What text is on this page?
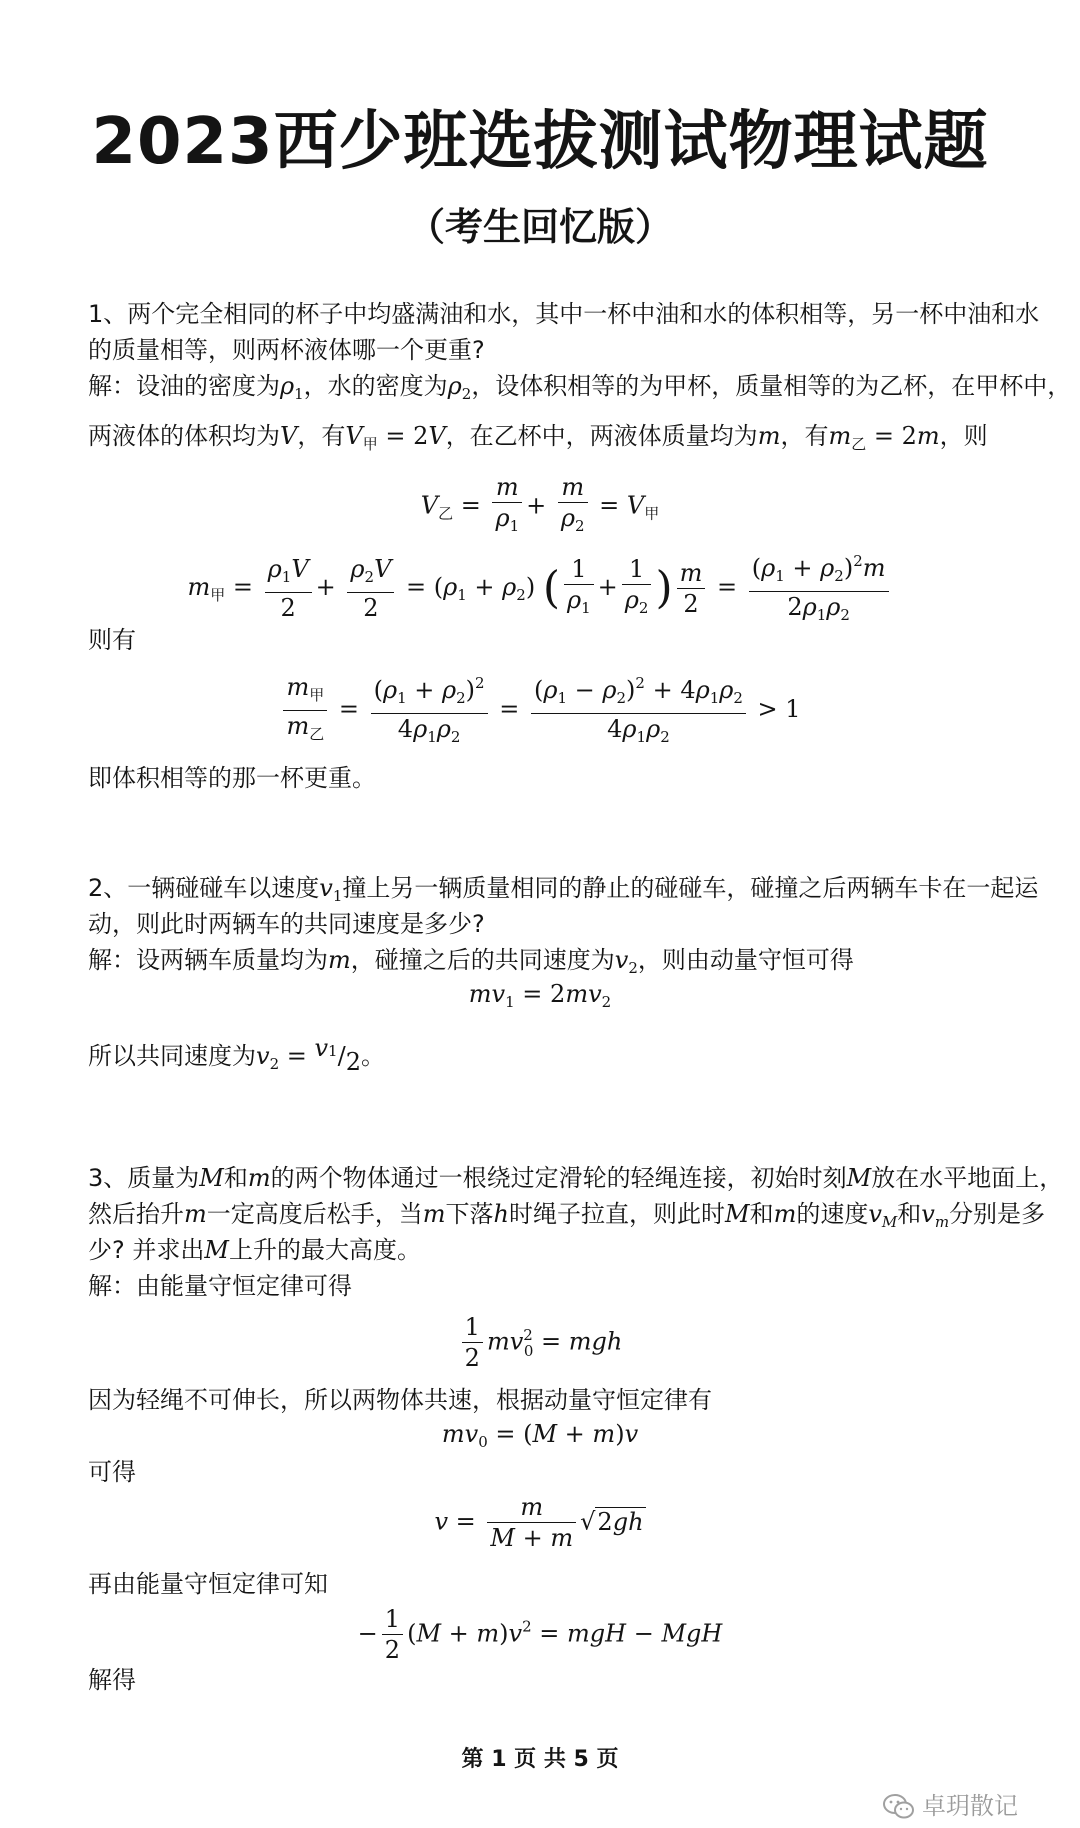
2023西少班选拔测试物理试题
（考生回忆版）
1、两个完全相同的杯子中均盛满油和水，其中一杯中油和水的体积相等，另一杯中油和水
的质量相等，则两杯液体哪一个更重?
解：设油的密度为$\rho_1$，水的密度为$\rho_2$，设体积相等的为甲杯，质量相等的为乙杯，在甲杯中，
两液体的体积均为V，有$V_甲 = 2V$，在乙杯中，两液体质量均为m，有$m_乙 = 2m$，则
$V_乙 = \frac{m}{\rho_1} + \frac{m}{\rho_2} = V_甲$
$m_甲 = \frac{\rho_1V}{2} + \frac{\rho_2V}{2} = (\rho_1 + \rho_2)$ ( $\frac{1}{\rho_1} + \frac{1}{\rho_2}$ ) $\frac{m}{2} = \frac{(\rho_1 + \rho_2)^2m}{2\rho_1\rho_2}$
则有
$\frac{m_甲}{m_乙} = \frac{(\rho_1 + \rho_2)^2}{4\rho_1\rho_2} = \frac{(\rho_1 - \rho_2)^2 + 4\rho_1\rho_2}{4\rho_1\rho_2} > 1$
即体积相等的那一杯更重。
2、一辆碰碰车以速度$v_1$撞上另一辆质量相同的静止的碰碰车，碰撞之后两辆车卡在一起运
动，则此时两辆车的共同速度是多少?
解：设两辆车质量均为m，碰撞之后的共同速度为$v_2$，则由动量守恒可得
$mv_1 = 2mv_2$
所以共同速度为$v_2 = v^1/2$。
3、质量为M和m的两个物体通过一根绕过定滑轮的轻绳连接，初始时刻M放在水平地面上，
然后抬升m一定高度后松手，当m下落h时绳子拉直，则此时M和m的速度$v_M$和$v_m$分别是多
少? 并求出M上升的最大高度。
解：由能量守恒定律可得
$\frac{1}{2} mv^2_0$ = mgh
因为轻绳不可伸长，所以两物体共速，根据动量守恒定律有
$mv_0 = (M + m)v$
可得
$v = \frac{m}{M + m} √2gh$
再由能量守恒定律可知
− $\frac{1}{2} (M + m)v^2$ = mgH − MgH
解得
第 1 页 共 5 页
卓玥散记
